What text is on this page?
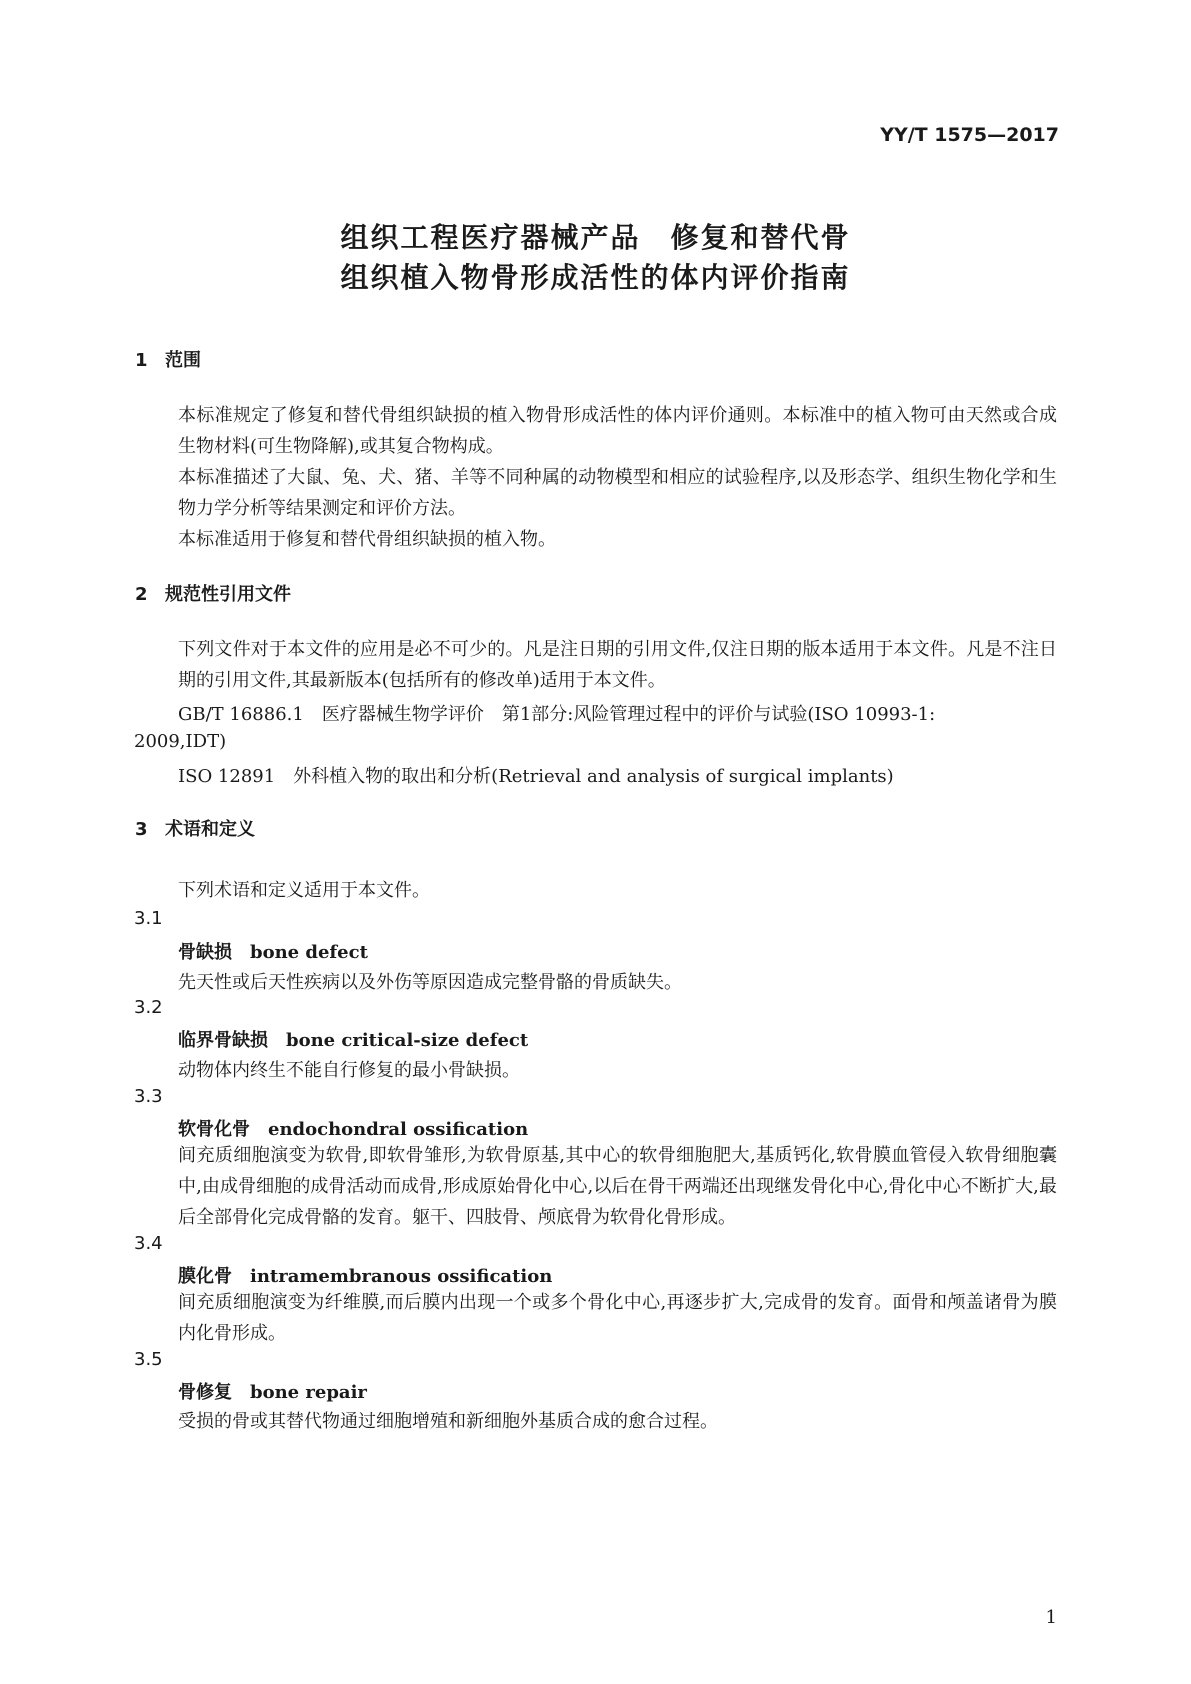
YY/T 1575—2017
组织工程医疗器械产品　修复和替代骨
组织植入物骨形成活性的体内评价指南
1 范围
本标准规定了修复和替代骨组织缺损的植入物骨形成活性的体内评价通则。本标准中的植入物可由天然或合成生物材料(可生物降解),或其复合物构成。
本标准描述了大鼠、兔、犬、猪、羊等不同种属的动物模型和相应的试验程序,以及形态学、组织生物化学和生物力学分析等结果测定和评价方法。
本标准适用于修复和替代骨组织缺损的植入物。
2 规范性引用文件
下列文件对于本文件的应用是必不可少的。凡是注日期的引用文件,仅注日期的版本适用于本文件。凡是不注日期的引用文件,其最新版本(包括所有的修改单)适用于本文件。
GB/T 16886.1　医疗器械生物学评价　第1部分:风险管理过程中的评价与试验(ISO 10993-1:
2009,IDT)
ISO 12891　外科植入物的取出和分析(Retrieval and analysis of surgical implants)
3 术语和定义
下列术语和定义适用于本文件。
3.1
骨缺损 bone defect
先天性或后天性疾病以及外伤等原因造成完整骨骼的骨质缺失。
3.2
临界骨缺损 bone critical-size defect
动物体内终生不能自行修复的最小骨缺损。
3.3
软骨化骨 endochondral ossification
间充质细胞演变为软骨,即软骨雏形,为软骨原基,其中心的软骨细胞肥大,基质钙化,软骨膜血管侵入软骨细胞囊中,由成骨细胞的成骨活动而成骨,形成原始骨化中心,以后在骨干两端还出现继发骨化中心,骨化中心不断扩大,最后全部骨化完成骨骼的发育。躯干、四肢骨、颅底骨为软骨化骨形成。
3.4
膜化骨 intramembranous ossification
间充质细胞演变为纤维膜,而后膜内出现一个或多个骨化中心,再逐步扩大,完成骨的发育。面骨和颅盖诸骨为膜内化骨形成。
3.5
骨修复 bone repair
受损的骨或其替代物通过细胞增殖和新细胞外基质合成的愈合过程。
1
